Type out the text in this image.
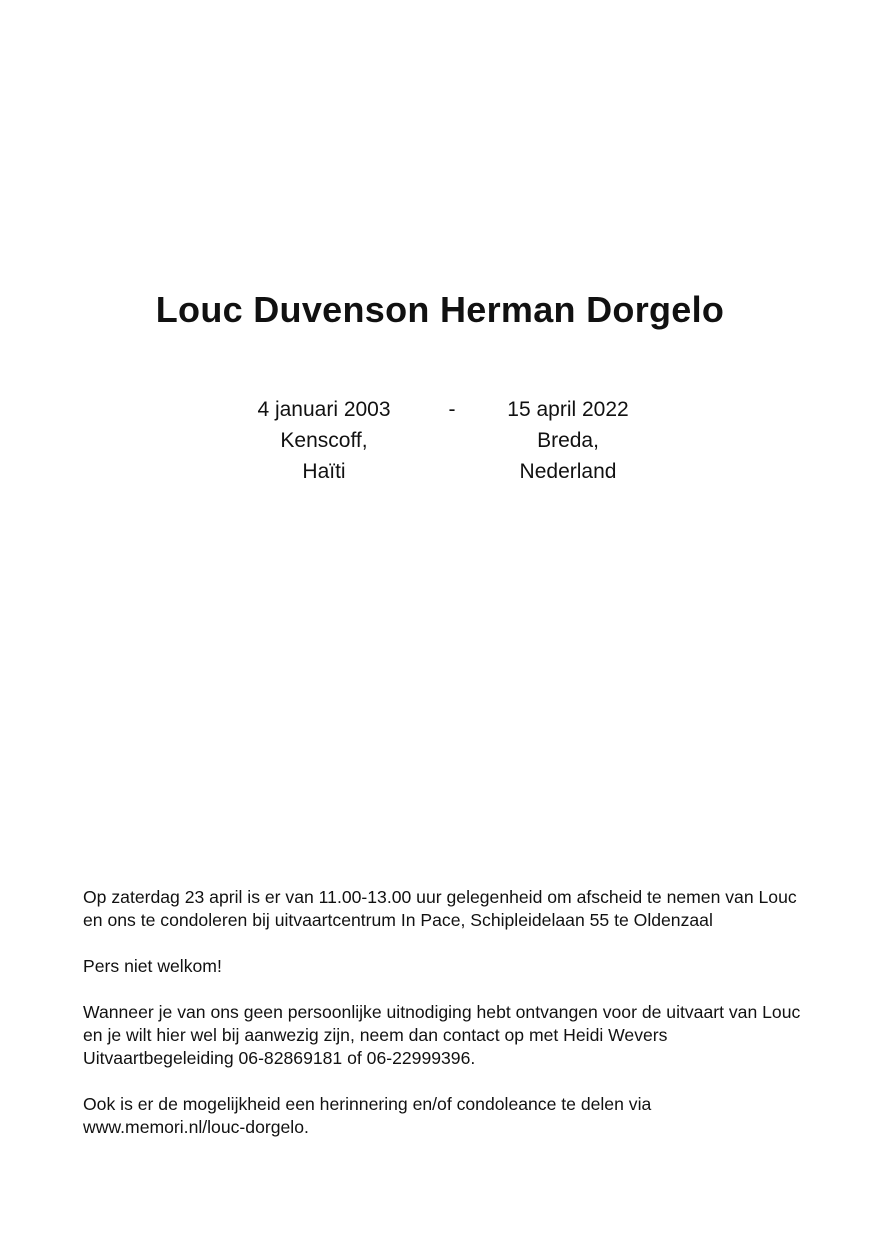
Louc Duvenson Herman Dorgelo
4 januari 2003
Kenscoff,
Haïti
-	15 april 2022
Breda,
Nederland

Op zaterdag 23 april is er van 11.00-13.00 uur gelegenheid om afscheid te nemen van Louc en ons te condoleren bij uitvaartcentrum In Pace, Schipleidelaan 55 te Oldenzaal

Pers niet welkom!

Wanneer je van ons geen persoonlijke uitnodiging hebt ontvangen voor de uitvaart van Louc en je wilt hier wel bij aanwezig zijn, neem dan contact op met Heidi Wevers Uitvaartbegeleiding 06-82869181 of 06-22999396.

Ook is er de mogelijkheid een herinnering en/of condoleance te delen via www.memori.nl/louc-dorgelo.
